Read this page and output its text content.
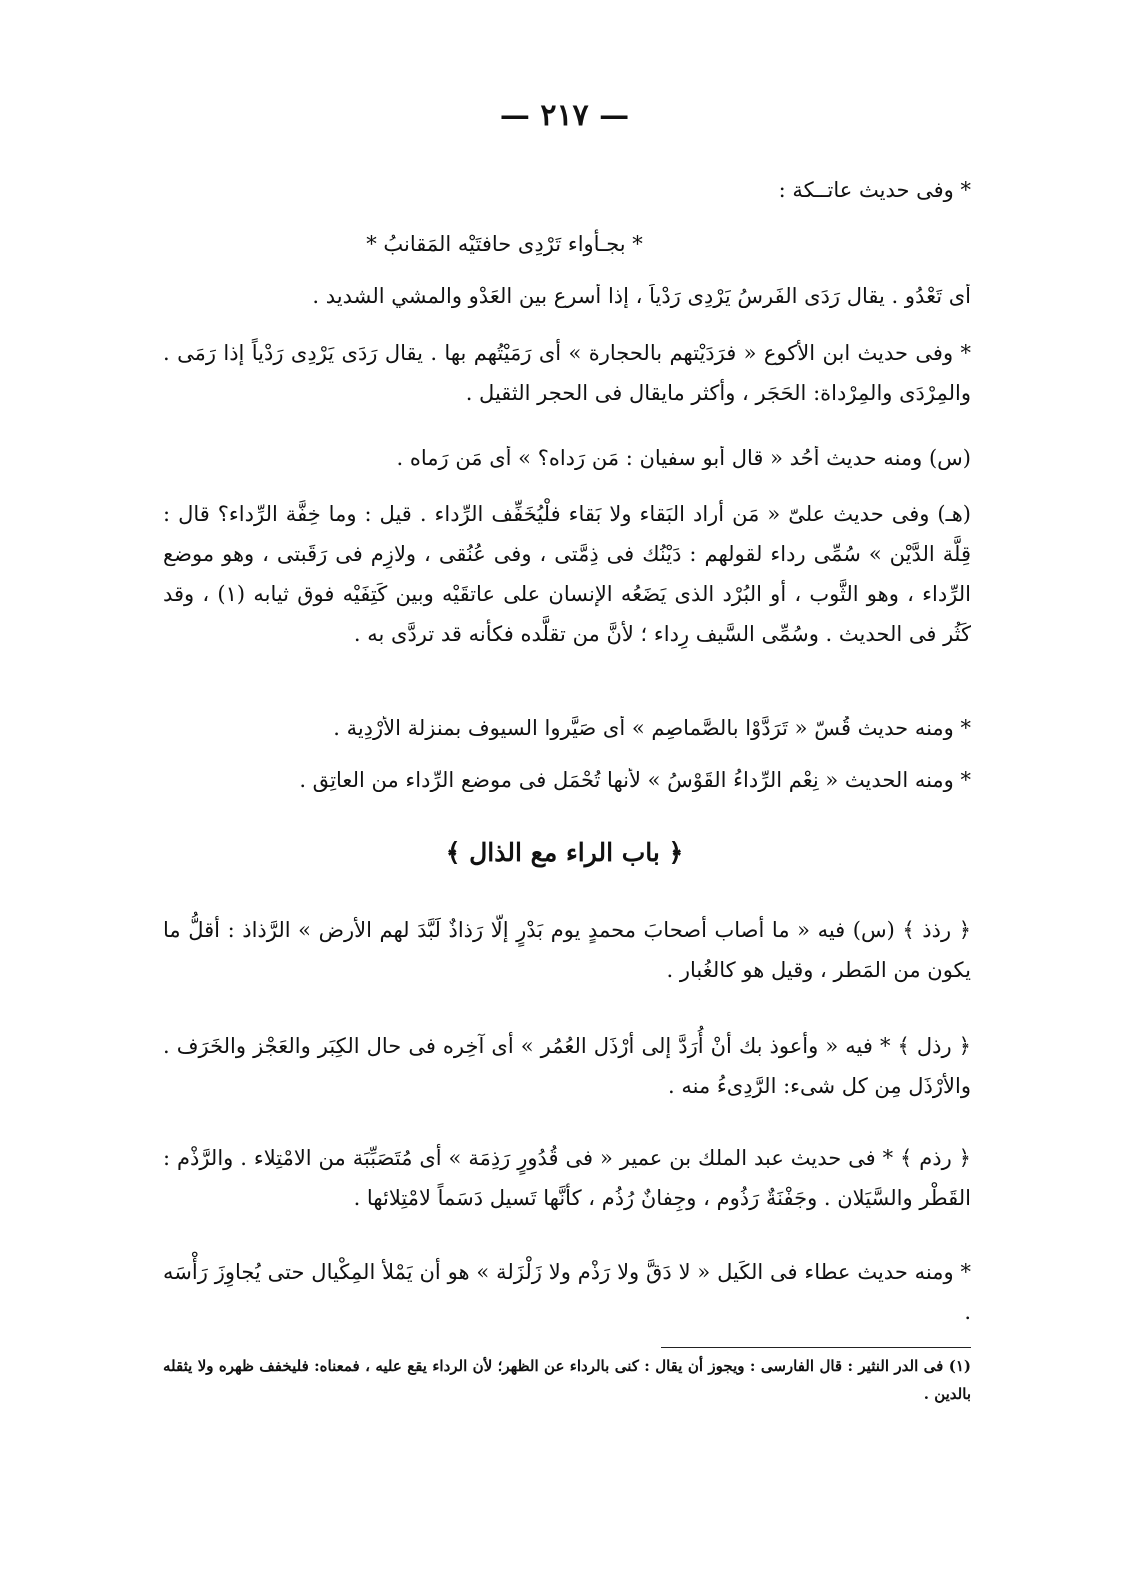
— ٢١٧ —
* وفى حديث عاتــكة :
* بجـأواء تَرْدِى حافتَيْه المَقانبُ *
أى تَعْدُو . يقال رَدَى الفَرسُ يَرْدِى رَدْياً ، إذا أسرع بين العَدْوِ والمشيِ الشديد .
* وفى حديث ابن الأكوع « فرَدَيْتهم بالحجارة » أى رَمَيْتُهم بها . يقال رَدَى يَرْدِى رَدْياً إذا رَمَى . والمِرْدَى والمِرْداة: الحَجَر ، وأكثر مايقال فى الحجر الثقيل .
(س) ومنه حديث أُحُد « قال أبو سفيان : مَن رَداه؟ » أى مَن رَماه .
(هـ) وفى حديث علىّ « مَن أراد البَقاء ولا بَقاء فلْيُخَفِّف الرِّداء . قيل : وما خِفَّة الرِّداء؟ قال : قِلَّة الدَّيْن » سُمِّى رداء لقولهم : دَيْنُك فى ذِمَّتى ، وفى عُنُقى ، ولازِم فى رَقَبتى ، وهو موضع الرِّداء ، وهو الثَّوب ، أو البُرْد الذى يَضَعُه الإنسان على عاتقَيْه وبين كَتِفَيْه فوق ثيابه (١) ، وقد كَثُر فى الحديث . وسُمِّى السَّيف رِداء ؛ لأنَّ من تقلَّده فكأنه قد تردَّى به .
* ومنه حديث قُسّ « تَرَدَّوْا بالصَّماصِم » أى صَيَّروا السيوف بمنزلة الأرْدِية .
* ومنه الحديث « نِعْم الرِّداءُ القَوْسُ » لأنها تُحْمَل فى موضع الرِّداء من العاتِق .
﴿ باب الراء مع الذال ﴾
﴿ رذذ ﴾ (س) فيه « ما أصاب أصحابَ محمدٍ يوم بَدْرٍ إلّا رَذاذٌ لَبَّدَ لهم الأرض » الرَّذاذ : أقلُّ ما يكون من المَطر ، وقيل هو كالغُبار .
﴿ رذل ﴾ * فيه « وأعوذ بك أنْ أُرَدَّ إلى أرْذَل العُمُر » أى آخِره فى حال الكِبَر والعَجْز والخَرَف . والأرْذَل مِن كل شىء: الرَّدِىءُ منه .
﴿ رذم ﴾ * فى حديث عبد الملك بن عمير « فى قُدُورٍ رَذِمَة » أى مُتَصَبِّبَة من الامْتِلاء . والرَّذْم : القَطْر والسَّيَلان . وجَفْنَةٌ رَذُوم ، وجِفانٌ رُذُم ، كأنَّها تَسيل دَسَماً لامْتِلائها .
* ومنه حديث عطاء فى الكَيل « لا دَقَّ ولا رَذْم ولا زَلْزَلة » هو أن يَمْلأ المِكْيال حتى يُجاوِزَ رَأْسَه .
(١) فى الدر النثير : قال الفارسى : ويجوز أن يقال : كنى بالرداء عن الظهر؛ لأن الرداء يقع عليه ، فمعناه: فليخفف ظهره ولا يثقله بالدين .
